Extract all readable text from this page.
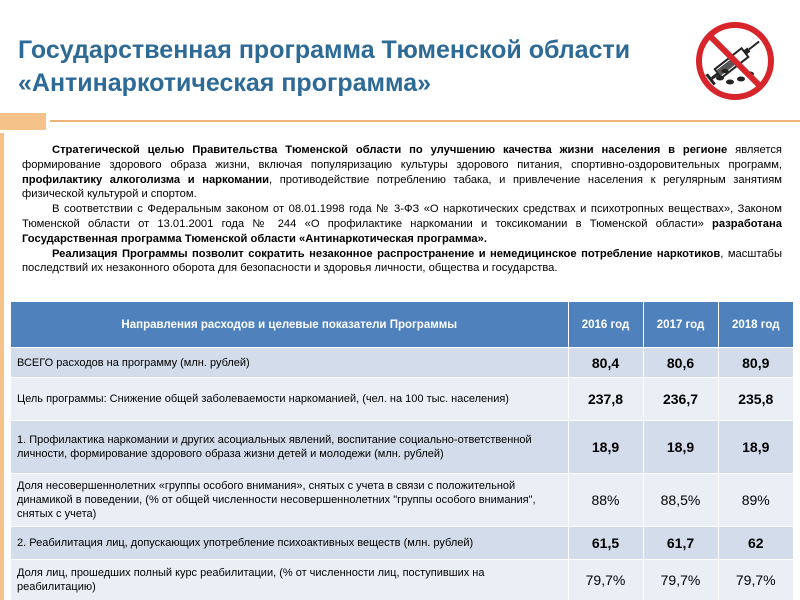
Государственная программа Тюменской области
«Антинаркотическая программа»

Стратегической целью Правительства Тюменской области по улучшению качества жизни населения в регионе является формирование здорового образа жизни, включая популяризацию культуры здорового питания, спортивно-оздоровительных программ, профилактику алкоголизма и наркомании, противодействие потреблению табака, и привлечение населения к регулярным занятиям физической культурой и спортом.

В соответствии с Федеральным законом от 08.01.1998 года № 3-ФЗ «О наркотических средствах и психотропных веществах», Законом Тюменской области от 13.01.2001 года № 244 «О профилактике наркомании и токсикомании в Тюменской области» разработана Государственная программа Тюменской области «Антинаркотическая программа».

Реализация Программы позволит сократить незаконное распространение и немедицинское потребление наркотиков, масштабы последствий их незаконного оборота для безопасности и здоровья личности, общества и государства.

Направления расходов и целевые показатели Программы	2016 год	2017 год	2018 год
ВСЕГО расходов на программу (млн. рублей)	80,4	80,6	80,9
Цель программы: Снижение общей заболеваемости наркоманией, (чел. на 100 тыс. населения)	237,8	236,7	235,8
1. Профилактика наркомании и других асоциальных явлений, воспитание социально-ответственной личности, формирование здорового образа жизни детей и молодежи (млн. рублей)	18,9	18,9	18,9
Доля несовершеннолетних «группы особого внимания», снятых с учета в связи с положительной динамикой в поведении, (% от общей численности несовершеннолетних "группы особого внимания", снятых с учета)	88%	88,5%	89%
2. Реабилитация лиц, допускающих употребление психоактивных веществ (млн. рублей)	61,5	61,7	62
Доля лиц, прошедших полный курс реабилитации, (% от численности лиц, поступивших на реабилитацию)	79,7%	79,7%	79,7%
